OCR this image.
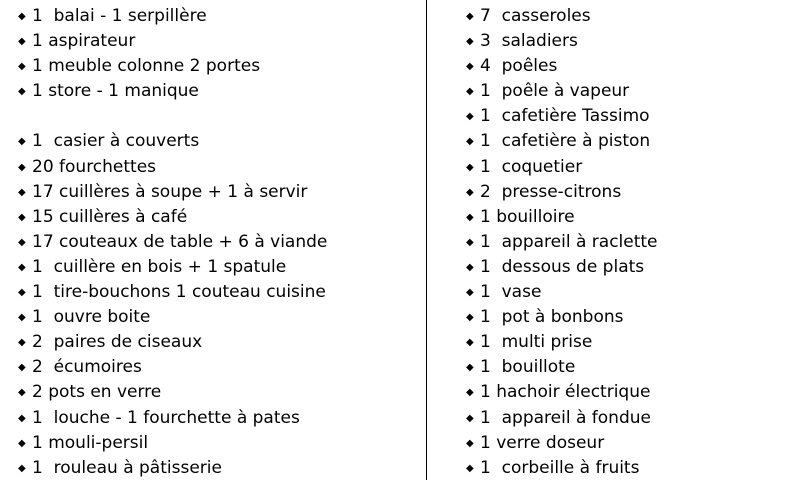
◆ 1  balai - 1 serpillère
◆ 1 aspirateur
◆ 1 meuble colonne 2 portes
◆ 1 store - 1 manique
◆ 1  casier à couverts
◆ 20 fourchettes
◆ 17 cuillères à soupe + 1 à servir
◆ 15 cuillères à café
◆ 17 couteaux de table + 6 à viande
◆ 1  cuillère en bois + 1 spatule
◆ 1  tire-bouchons 1 couteau cuisine
◆ 1  ouvre boite
◆ 2  paires de ciseaux
◆ 2  écumoires
◆ 2 pots en verre
◆ 1  louche - 1 fourchette à pates
◆ 1 mouli-persil
◆ 1  rouleau à pâtisserie
◆ 7  casseroles
◆ 3  saladiers
◆ 4  poêles
◆ 1  poêle à vapeur
◆ 1  cafetière Tassimo
◆ 1  cafetière à piston
◆ 1  coquetier
◆ 2  presse-citrons
◆ 1 bouilloire
◆ 1  appareil à raclette
◆ 1  dessous de plats
◆ 1  vase
◆ 1  pot à bonbons
◆ 1  multi prise
◆ 1  bouillote
◆ 1 hachoir électrique
◆ 1  appareil à fondue
◆ 1 verre doseur
◆ 1  corbeille à fruits
